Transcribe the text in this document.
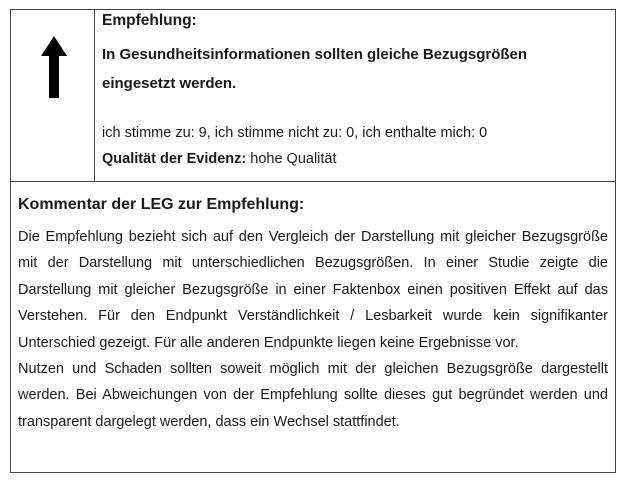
Empfehlung:
In Gesundheitsinformationen sollten gleiche Bezugsgrößen eingesetzt werden.
ich stimme zu: 9, ich stimme nicht zu: 0, ich enthalte mich: 0
Qualität der Evidenz: hohe Qualität
Kommentar der LEG zur Empfehlung:

Die Empfehlung bezieht sich auf den Vergleich der Darstellung mit gleicher Bezugsgröße mit der Darstellung mit unterschiedlichen Bezugsgrößen. In einer Studie zeigte die Darstellung mit gleicher Bezugsgröße in einer Faktenbox einen positiven Effekt auf das Verstehen. Für den Endpunkt Verständlichkeit / Lesbarkeit wurde kein signifikanter Unterschied gezeigt. Für alle anderen Endpunkte liegen keine Ergebnisse vor.

Nutzen und Schaden sollten soweit möglich mit der gleichen Bezugsgröße dargestellt werden. Bei Abweichungen von der Empfehlung sollte dieses gut begründet werden und transparent dargelegt werden, dass ein Wechsel stattfindet.
